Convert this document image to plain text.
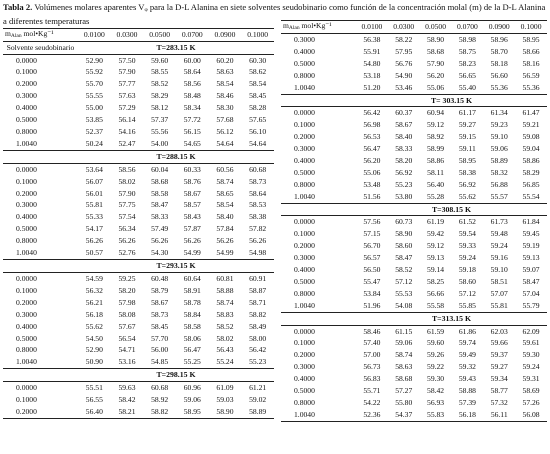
Tabla 2. Volúmenes molares aparentes Vφ para la D-L Alanina en siete solventes seudobinario como función de la concentración molal (m) de la D-L Alanina a diferentes temperaturas
mAlan mol•Kg⁻¹	0.0100	0.0300	0.0500	0.0700	0.0900	0.1000
Solvente seudobinario	T=283.15 K					
0.0000	52.90	57.50	59.60	60.00	60.20	60.30
0.1000	55.92	57.90	58.55	58.64	58.63	58.62
0.2000	55.70	57.77	58.52	58.56	58.54	58.54
0.3000	55.55	57.63	58.29	58.48	58.46	58.45
0.4000	55.00	57.29	58.12	58.34	58.30	58.28
0.5000	53.85	56.14	57.37	57.72	57.68	57.65
0.8000	52.37	54.16	55.56	56.15	56.12	56.10
1.0040	50.24	52.47	54.00	54.65	54.64	54.64
	T=288.15 K					
0.0000	53.64	58.56	60.04	60.33	60.56	60.68
0.1000	56.07	58.02	58.68	58.76	58.74	58.73
0.2000	56.01	57.90	58.58	58.67	58.65	58.64
0.3000	55.81	57.75	58.47	58.57	58.54	58.53
0.4000	55.33	57.54	58.33	58.43	58.40	58.38
0.5000	54.17	56.34	57.49	57.87	57.84	57.82
0.8000	56.26	56.26	56.26	56.26	56.26	56.26
1.0040	50.57	52.76	54.30	54.99	54.99	54.98
	T=293.15 K					
0.0000	54.59	59.25	60.48	60.64	60.81	60.91
0.1000	56.32	58.20	58.79	58.91	58.88	58.87
0.2000	56.21	57.98	58.67	58.78	58.74	58.71
0.3000	56.18	58.08	58.73	58.84	58.83	58.82
0.4000	55.62	57.67	58.45	58.58	58.52	58.49
0.5000	54.50	56.54	57.70	58.06	58.02	58.00
0.8000	52.90	54.71	56.00	56.47	56.43	56.42
1.0040	50.90	53.16	54.85	55.25	55.24	55.23
	T=298.15 K					
0.0000	55.51	59.63	60.68	60.96	61.09	61.21
0.1000	56.55	58.42	58.92	59.06	59.03	59.02
0.2000	56.40	58.21	58.82	58.95	58.90	58.89
mAlan mol•Kg⁻¹	0.0100	0.0300	0.0500	0.0700	0.0900	0.1000
0.3000	56.38	58.22	58.90	58.98	58.96	58.95
0.4000	55.91	57.95	58.68	58.75	58.70	58.66
0.5000	54.80	56.76	57.90	58.23	58.18	58.16
0.8000	53.18	54.90	56.20	56.65	56.60	56.59
1.0040	51.20	53.46	55.06	55.40	55.36	55.36
	T= 303.15 K					
0.0000	56.42	60.37	60.94	61.17	61.34	61.47
0.1000	56.98	58.67	59.12	59.27	59.23	59.21
0.2000	56.53	58.40	58.92	59.15	59.10	59.08
0.3000	56.47	58.33	58.99	59.11	59.06	59.04
0.4000	56.20	58.20	58.86	58.95	58.89	58.86
0.5000	55.06	56.92	58.11	58.38	58.32	58.29
0.8000	53.48	55.23	56.40	56.92	56.88	56.85
1.0040	51.56	53.80	55.28	55.62	55.57	55.54
	T=308.15 K					
0.0000	57.56	60.73	61.19	61.52	61.73	61.84
0.1000	57.15	58.90	59.42	59.54	59.48	59.45
0.2000	56.70	58.60	59.12	59.33	59.24	59.19
0.3000	56.57	58.47	59.13	59.24	59.16	59.13
0.4000	56.50	58.52	59.14	59.18	59.10	59.07
0.5000	55.47	57.12	58.25	58.60	58.51	58.47
0.8000	53.84	55.53	56.66	57.12	57.07	57.04
1.0040	51.96	54.08	55.58	55.85	55.81	55.79
	T=313.15 K					
0.0000	58.46	61.15	61.59	61.86	62.03	62.09
0.1000	57.40	59.06	59.60	59.74	59.66	59.61
0.2000	57.00	58.74	59.26	59.49	59.37	59.30
0.3000	56.73	58.63	59.22	59.32	59.27	59.24
0.4000	56.83	58.68	59.30	59.43	59.34	59.31
0.5000	55.71	57.27	58.42	58.88	58.77	58.69
0.8000	54.22	55.80	56.93	57.39	57.32	57.26
1.0040	52.36	54.37	55.83	56.18	56.11	56.08
